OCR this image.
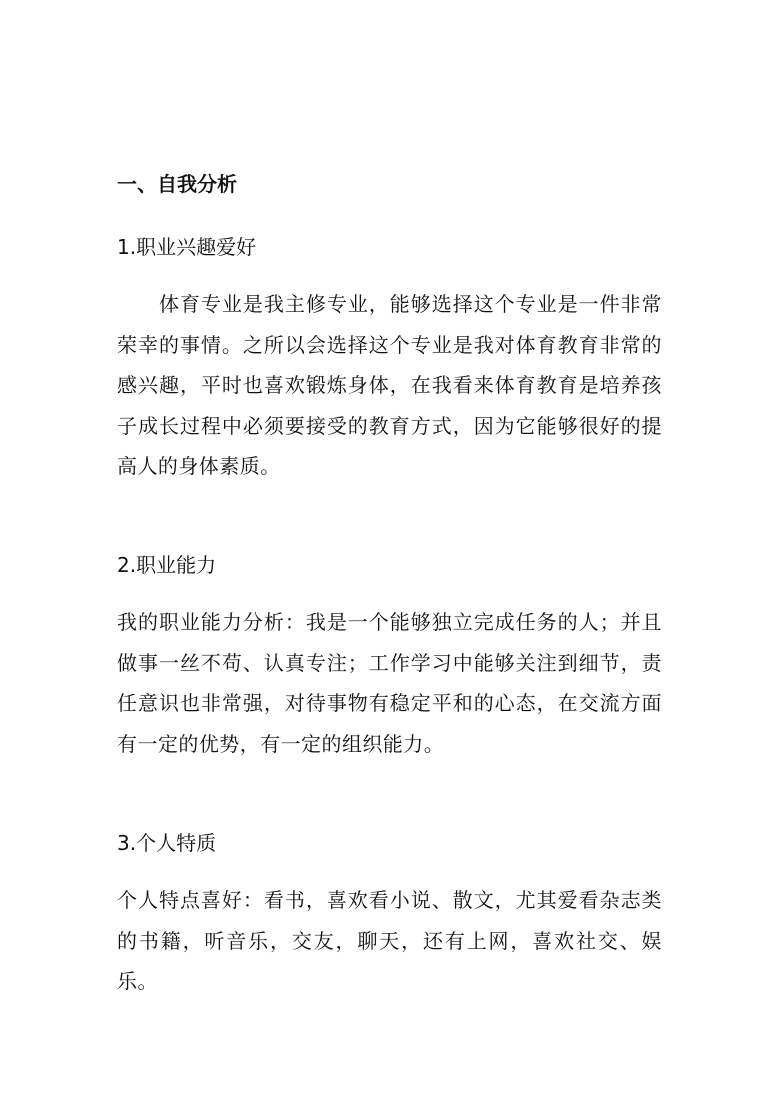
一、自我分析
1.职业兴趣爱好

体育专业是我主修专业，能够选择这个专业是一件非常荣幸的事情。之所以会选择这个专业是我对体育教育非常的感兴趣，平时也喜欢锻炼身体，在我看来体育教育是培养孩子成长过程中必须要接受的教育方式，因为它能够很好的提高人的身体素质。

2.职业能力

我的职业能力分析：我是一个能够独立完成任务的人；并且做事一丝不苟、认真专注；工作学习中能够关注到细节，责任意识也非常强，对待事物有稳定平和的心态，在交流方面有一定的优势，有一定的组织能力。

3.个人特质

个人特点喜好：看书，喜欢看小说、散文，尤其爱看杂志类的书籍，听音乐，交友，聊天，还有上网，喜欢社交、娱乐。
